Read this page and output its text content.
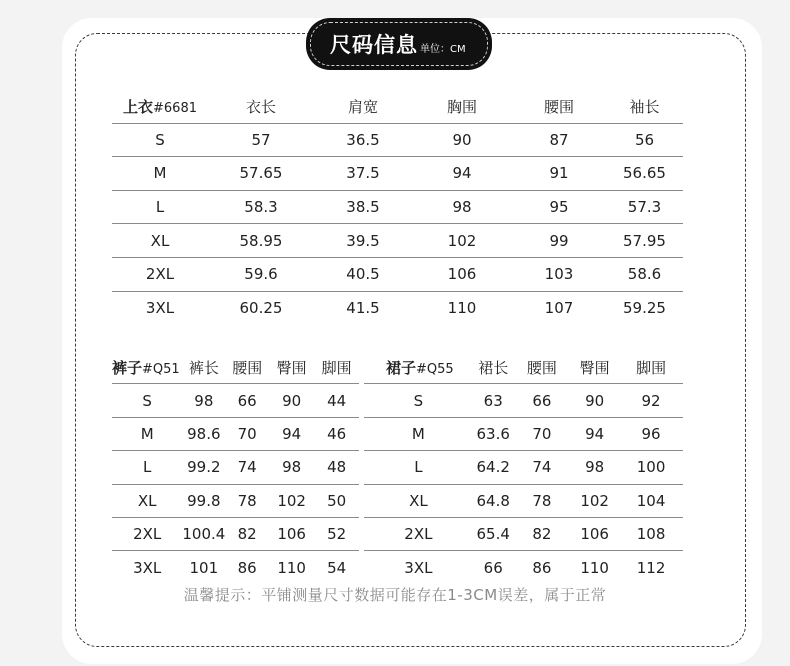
尺码信息 单位：CM
上衣#6681	衣长	肩宽	胸围	腰围	袖长
S	57	36.5	90	87	56
M	57.65	37.5	94	91	56.65
L	58.3	38.5	98	95	57.3
XL	58.95	39.5	102	99	57.95
2XL	59.6	40.5	106	103	58.6
3XL	60.25	41.5	110	107	59.25
裤子#Q51	裤长	腰围	臀围	脚围
S	98	66	90	44
M	98.6	70	94	46
L	99.2	74	98	48
XL	99.8	78	102	50
2XL	100.4	82	106	52
3XL	101	86	110	54
裙子#Q55	裙长	腰围	臀围	脚围
S	63	66	90	92
M	63.6	70	94	96
L	64.2	74	98	100
XL	64.8	78	102	104
2XL	65.4	82	106	108
3XL	66	86	110	112
温馨提示：平铺测量尺寸数据可能存在1-3CM误差，属于正常
